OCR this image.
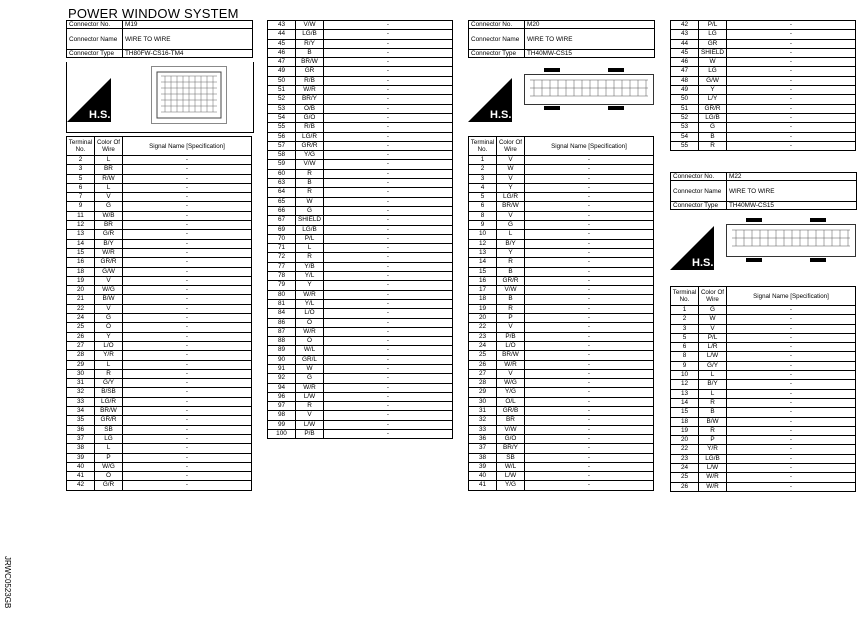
POWER WINDOW SYSTEM
JRWC0523GB
Connector No.	M19
Connector Name	WIRE TO WIRE
Connector Type	TH80FW-CS16-TM4
H.S.
Terminal No.	Color Of Wire	Signal Name [Specification]
2	L	-
3	BR	-
5	R/W	-
6	L	-
7	V	-
9	G	-
11	W/B	-
12	BR	-
13	G/R	-
14	B/Y	-
15	W/R	-
16	GR/R	-
18	G/W	-
19	V	-
20	W/G	-
21	B/W	-
22	V	-
24	G	-
25	O	-
26	Y	-
27	L/O	-
28	Y/R	-
29	L	-
30	R	-
31	G/Y	-
32	B/SB	-
33	LG/R	-
34	BR/W	-
35	GR/R	-
36	SB	-
37	LG	-
38	L	-
39	P	-
40	W/G	-
41	O	-
42	G/R	-
43	V/W	-
44	LG/B	-
45	R/Y	-
46	B	-
47	BR/W	-
49	GR	-
50	R/B	-
51	W/R	-
52	BR/Y	-
53	O/B	-
54	G/O	-
55	R/B	-
56	LG/R	-
57	GR/R	-
58	Y/G	-
59	V/W	-
60	R	-
63	B	-
64	R	-
65	W	-
66	G	-
67	SHIELD	-
69	LG/B	-
70	P/L	-
71	L	-
72	R	-
77	Y/B	-
78	Y/L	-
79	Y	-
80	W/R	-
81	Y/L	-
84	L/O	-
86	O	-
87	W/R	-
88	O	-
89	W/L	-
90	GR/L	-
91	W	-
92	G	-
94	W/R	-
96	L/W	-
97	R	-
98	V	-
99	L/W	-
100	P/B	-
Connector No.	M20
Connector Name	WIRE TO WIRE
Connector Type	TH40MW-CS15
H.S.
Terminal No.	Color Of Wire	Signal Name [Specification]
1	V	-
2	W	-
3	V	-
4	Y	-
5	LG/R	-
6	BR/W	-
8	V	-
9	G	-
10	L	-
12	B/Y	-
13	Y	-
14	R	-
15	B	-
16	GR/R	-
17	V/W	-
18	B	-
19	R	-
20	P	-
22	V	-
23	P/B	-
24	L/O	-
25	BR/W	-
26	W/R	-
27	V	-
28	W/G	-
29	Y/G	-
30	O/L	-
31	GR/B	-
32	BR	-
33	V/W	-
36	G/O	-
37	BR/Y	-
38	SB	-
39	W/L	-
40	L/W	-
41	Y/G	-
42	P/L	-
43	LG	-
44	GR	-
45	SHIELD	-
46	W	-
47	LG	-
48	G/W	-
49	Y	-
50	L/Y	-
51	GR/R	-
52	LG/B	-
53	G	-
54	B	-
55	R	-
Connector No.	M22
Connector Name	WIRE TO WIRE
Connector Type	TH40MW-CS15
H.S.
Terminal No.	Color Of Wire	Signal Name [Specification]
1	G	-
2	W	-
3	V	-
5	P/L	-
6	L/R	-
8	L/W	-
9	G/Y	-
10	L	-
12	B/Y	-
13	L	-
14	R	-
15	B	-
18	B/W	-
19	R	-
20	P	-
22	Y/R	-
23	LG/B	-
24	L/W	-
25	W/R	-
26	W/R	-
